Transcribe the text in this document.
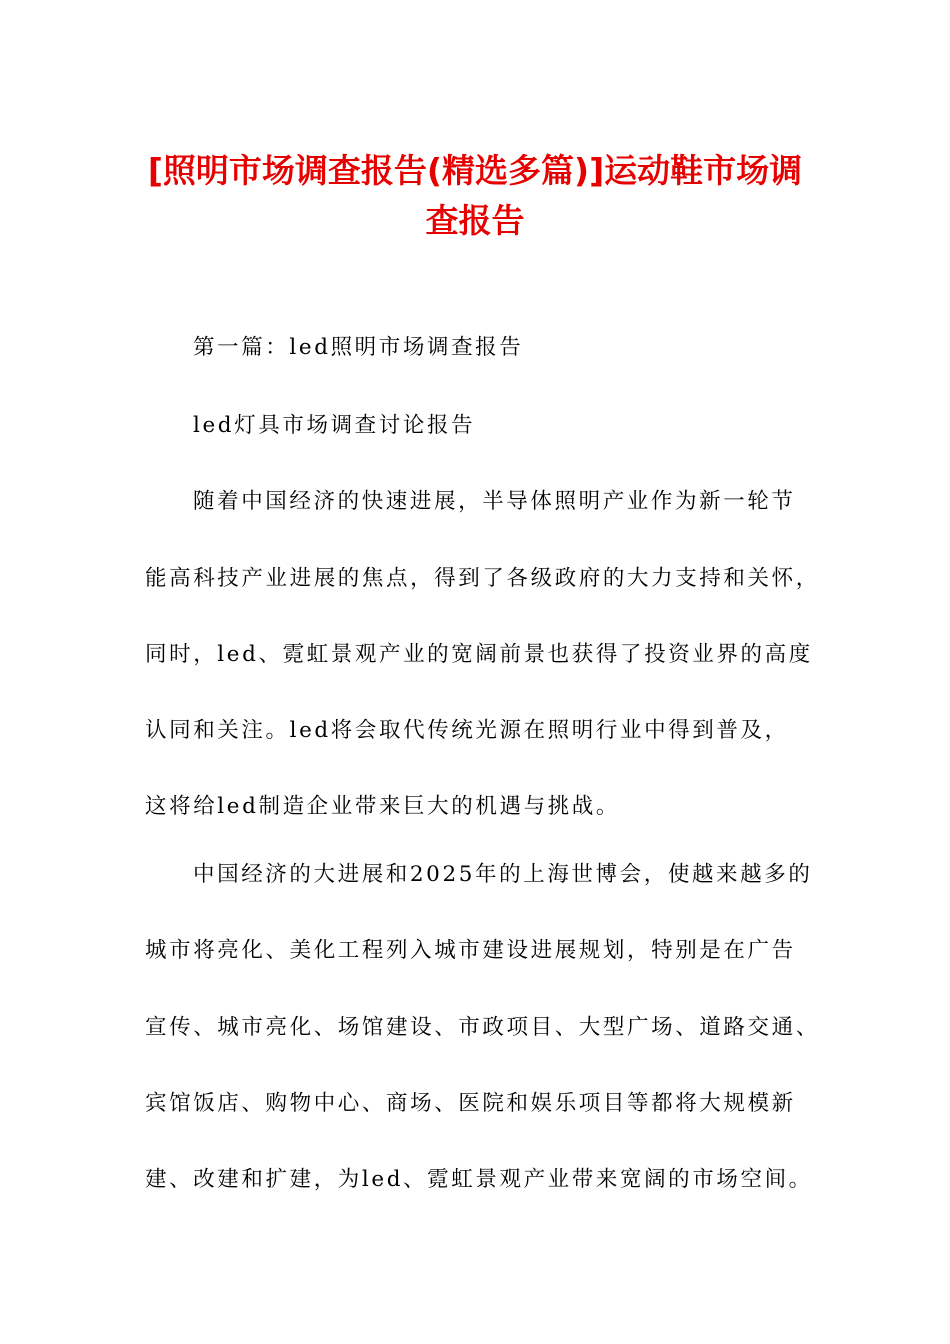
[照明市场调查报告(精选多篇)]运动鞋市场调
查报告

第一篇：led照明市场调查报告

led灯具市场调查讨论报告

随着中国经济的快速进展，半导体照明产业作为新一轮节

能高科技产业进展的焦点，得到了各级政府的大力支持和关怀，

同时，led、霓虹景观产业的宽阔前景也获得了投资业界的高度

认同和关注。led将会取代传统光源在照明行业中得到普及，

这将给led制造企业带来巨大的机遇与挑战。

中国经济的大进展和2025年的上海世博会，使越来越多的

城市将亮化、美化工程列入城市建设进展规划，特别是在广告

宣传、城市亮化、场馆建设、市政项目、大型广场、道路交通、

宾馆饭店、购物中心、商场、医院和娱乐项目等都将大规模新

建、改建和扩建，为led、霓虹景观产业带来宽阔的市场空间。
